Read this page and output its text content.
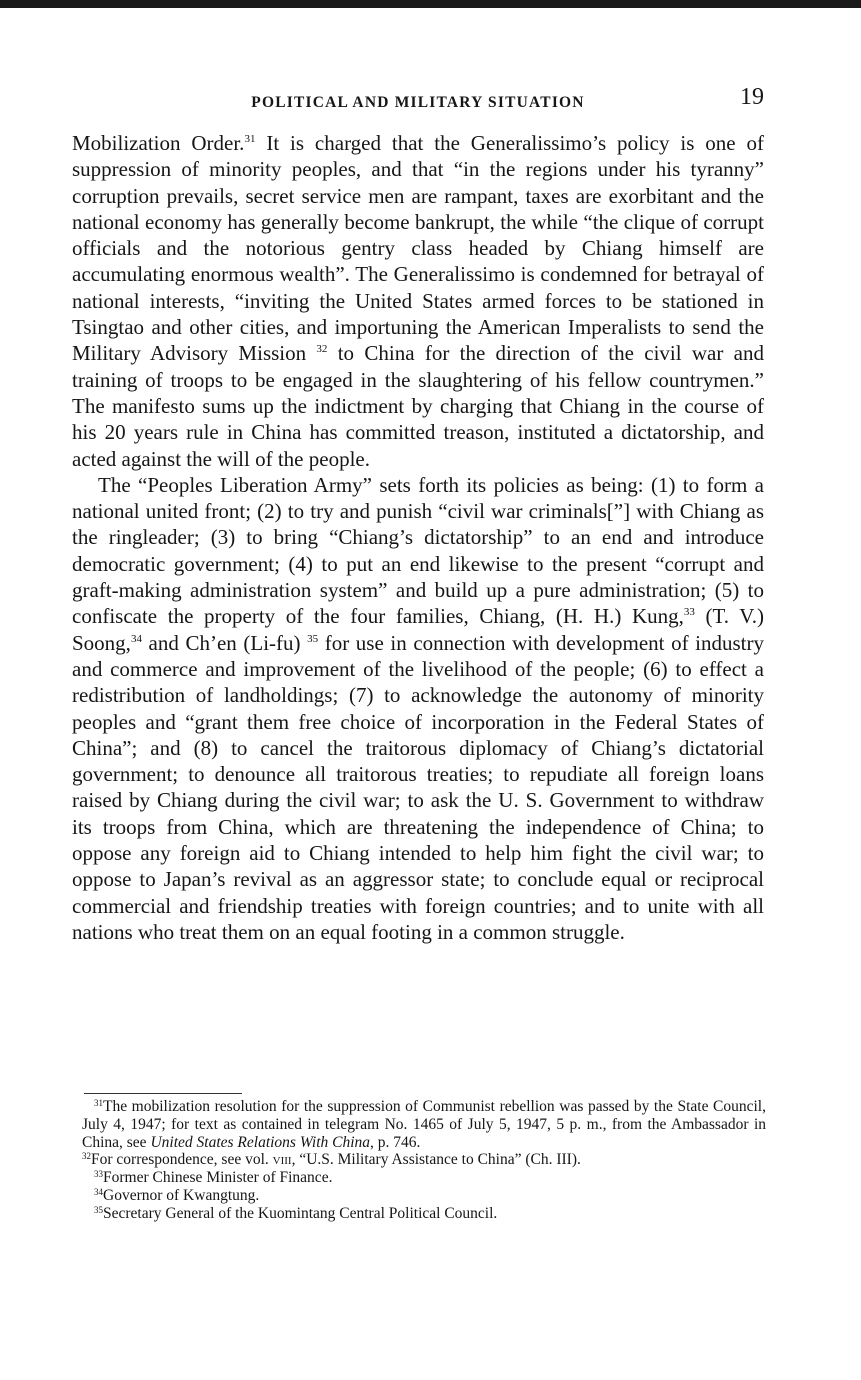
POLITICAL AND MILITARY SITUATION	19

Mobilization Order.$^{31}$ It is charged that the Generalissimo’s policy is one of suppression of minority peoples, and that “in the regions under his tyranny” corruption prevails, secret service men are rampant, taxes are exorbitant and the national economy has generally become bankrupt, the while “the clique of corrupt officials and the notorious gentry class headed by Chiang himself are accumulating enormous wealth”. The Generalissimo is condemned for betrayal of national interests, “inviting the United States armed forces to be stationed in Tsingtao and other cities, and importuning the American Imperalists to send the Military Advisory Mission $^{32}$ to China for the direction of the civil war and training of troops to be engaged in the slaughtering of his fellow countrymen.” The manifesto sums up the indictment by charging that Chiang in the course of his 20 years rule in China has committed treason, instituted a dictatorship, and acted against the will of the people.

The “Peoples Liberation Army” sets forth its policies as being: (1) to form a national united front; (2) to try and punish “civil war criminals[”] with Chiang as the ringleader; (3) to bring “Chiang’s dictatorship” to an end and introduce democratic government; (4) to put an end likewise to the present “corrupt and graft-making administration system” and build up a pure administration; (5) to confiscate the property of the four families, Chiang, (H. H.) Kung,$^{33}$ (T. V.) Soong,$^{34}$ and Ch’en (Li-fu) $^{35}$ for use in connection with development of industry and commerce and improvement of the livelihood of the people; (6) to effect a redistribution of landholdings; (7) to acknowledge the autonomy of minority peoples and “grant them free choice of incorporation in the Federal States of China”; and (8) to cancel the traitorous diplomacy of Chiang’s dictatorial government; to denounce all traitorous treaties; to repudiate all foreign loans raised by Chiang during the civil war; to ask the U. S. Government to withdraw its troops from China, which are threatening the independence of China; to oppose any foreign aid to Chiang intended to help him fight the civil war; to oppose to Japan’s revival as an aggressor state; to conclude equal or reciprocal commercial and friendship treaties with foreign countries; and to unite with all nations who treat them on an equal footing in a common struggle.

$^{31}$The mobilization resolution for the suppression of Communist rebellion was passed by the State Council, July 4, 1947; for text as contained in telegram No. 1465 of July 5, 1947, 5 p. m., from the Ambassador in China, see United States Relations With China, p. 746.

$^{32}$For correspondence, see vol. viii, “U.S. Military Assistance to China” (Ch. III).

$^{33}$Former Chinese Minister of Finance.

$^{34}$Governor of Kwangtung.

$^{35}$Secretary General of the Kuomintang Central Political Council.
